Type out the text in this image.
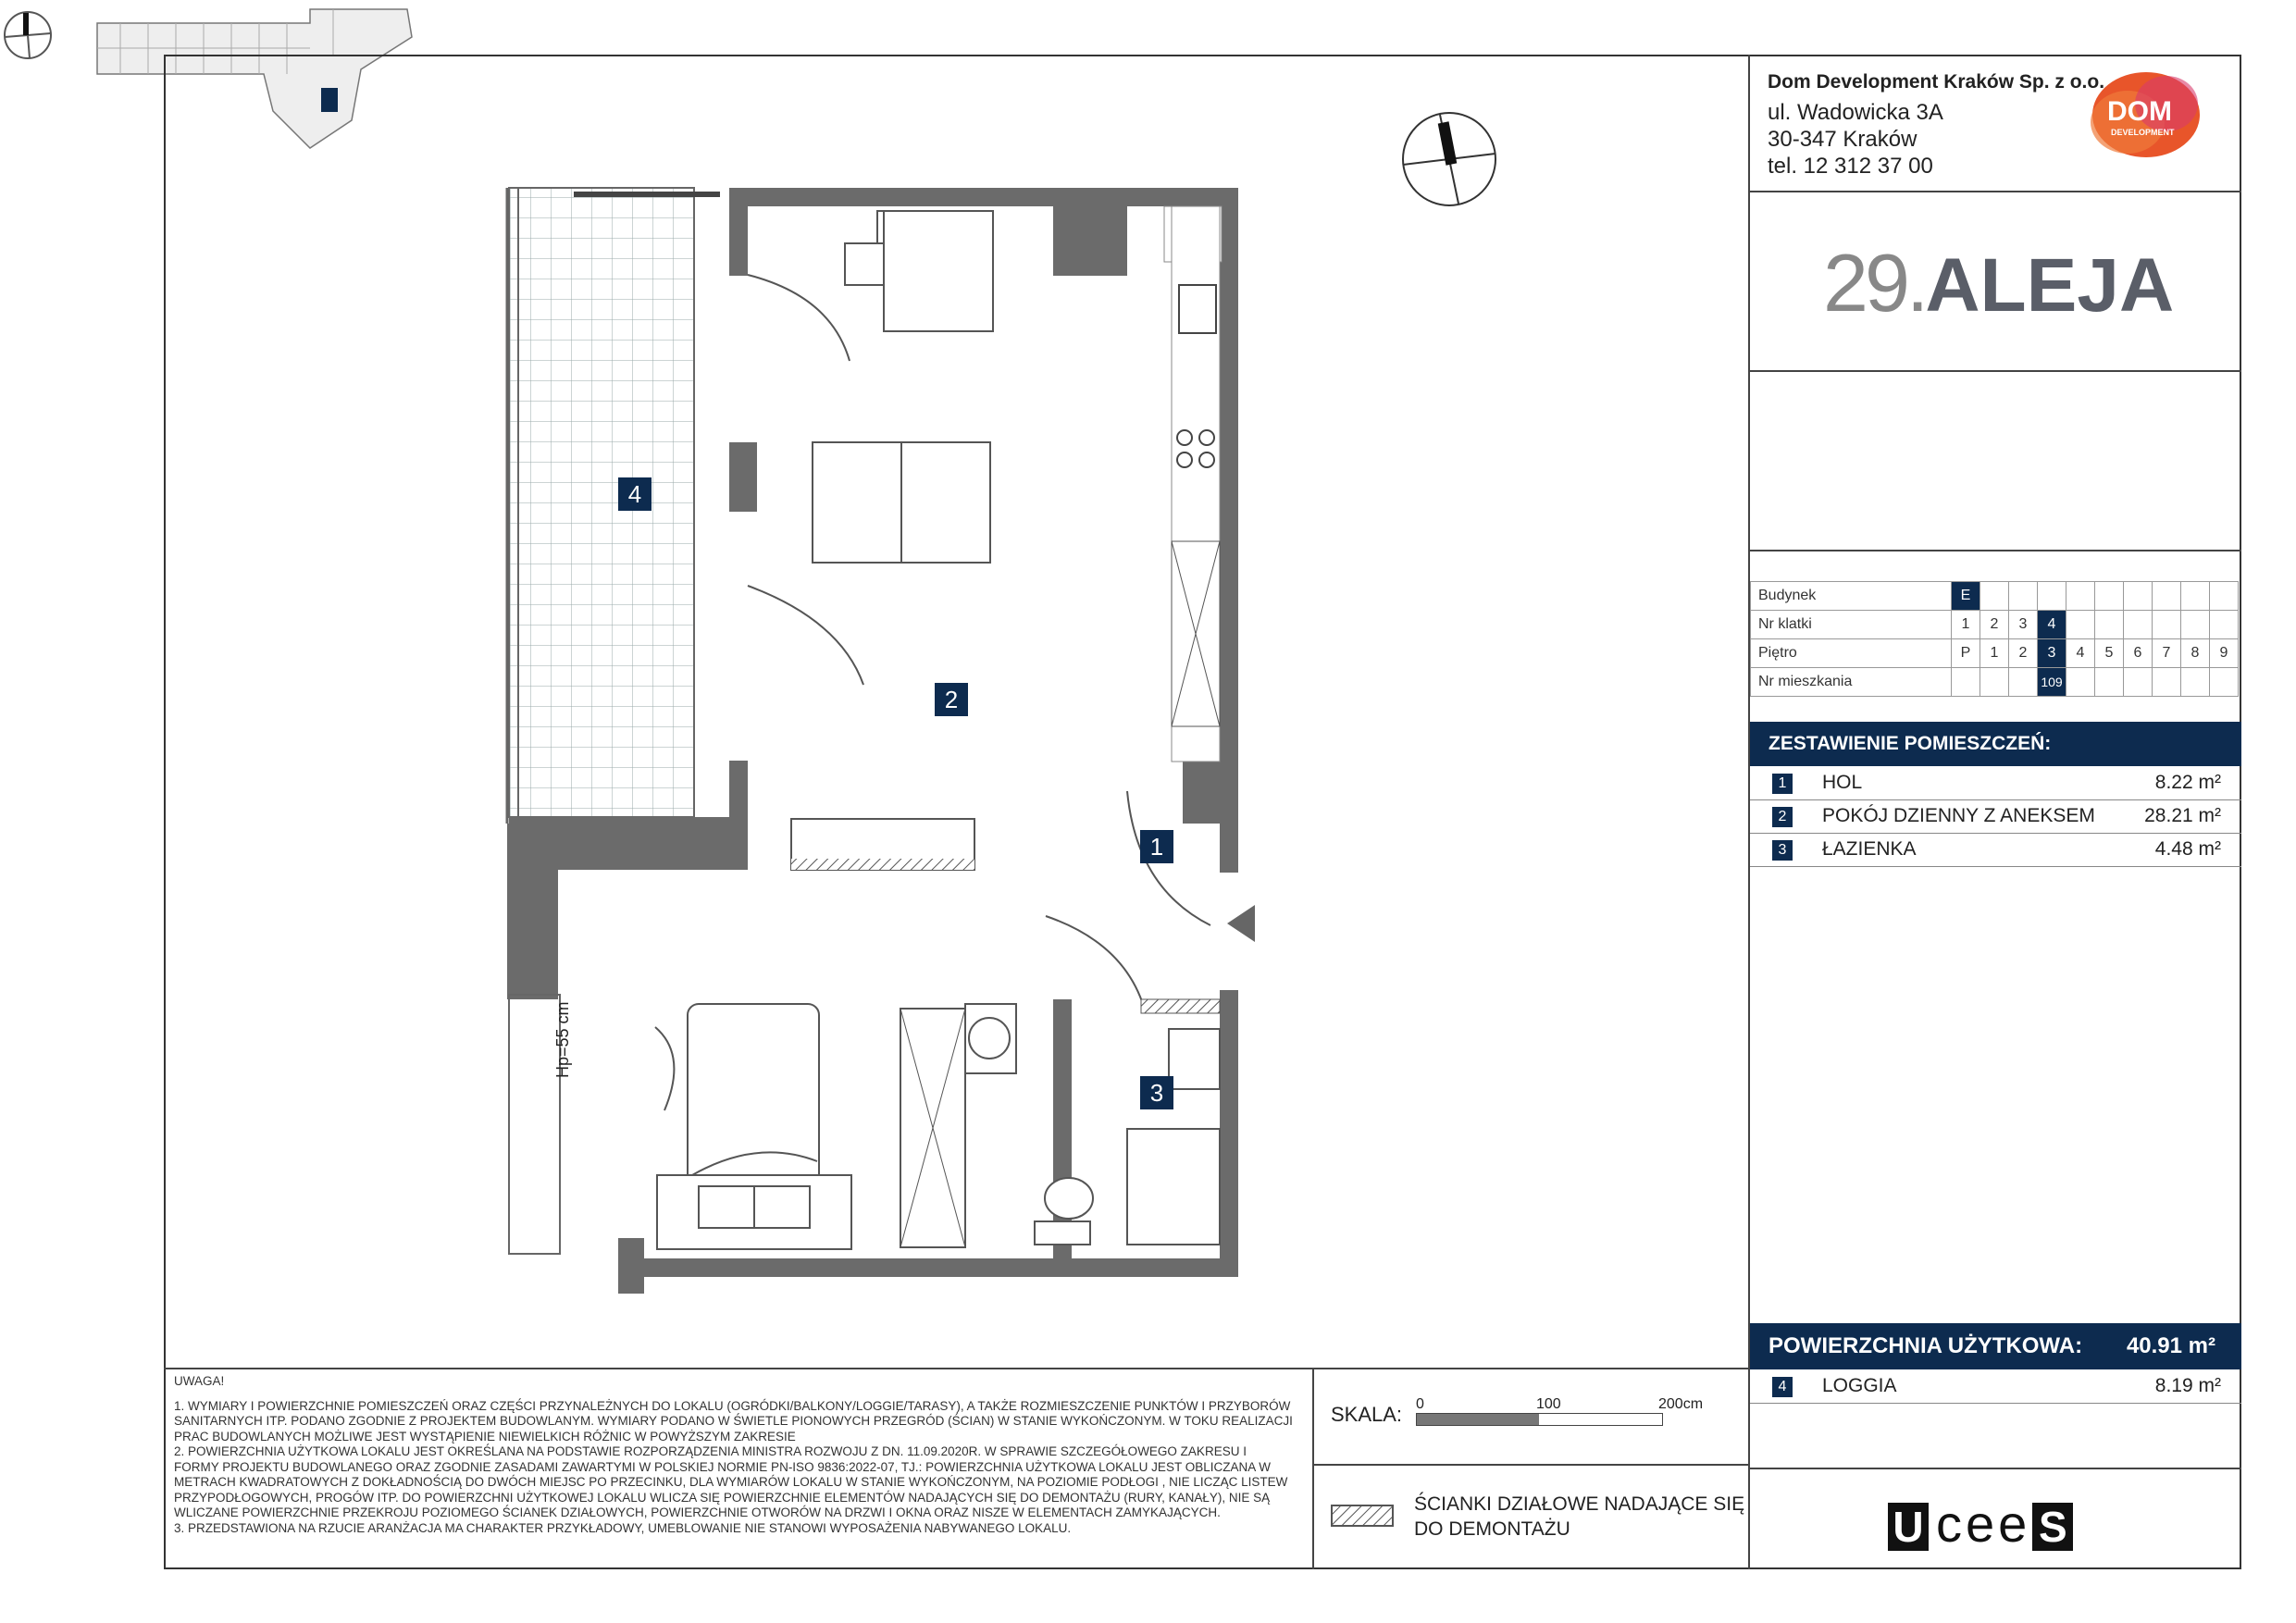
1
2
3
4
Hp=55 cm
Dom Development Kraków Sp. z o.o.
ul. Wadowicka 3A
30-347 Kraków
tel. 12 312 37 00
DOM
DEVELOPMENT
29.ALEJA
Budynek	E									
Nr klatki	1	2	3	4						
Piętro	P	1	2	3	4	5	6	7	8	9
Nr mieszkania				109						
ZESTAWIENIE POMIESZCZEŃ:
1	HOL	8.22 m²
2	POKÓJ DZIENNY Z ANEKSEM	28.21 m²
3	ŁAZIENKA	4.48 m²
POWIERZCHNIA UŻYTKOWA: 40.91 m²
4	LOGGIA	8.19 m²

UWAGA!

1. WYMIARY I POWIERZCHNIE POMIESZCZEŃ ORAZ CZĘŚCI PRZYNALEŻNYCH DO LOKALU (OGRÓDKI/BALKONY/LOGGIE/TARASY), A TAKŻE ROZMIESZCZENIE PUNKTÓW I PRZYBORÓW SANITARNYCH ITP. PODANO ZGODNIE Z PROJEKTEM BUDOWLANYM. WYMIARY PODANO W ŚWIETLE PIONOWYCH PRZEGRÓD (ŚCIAN) W STANIE WYKOŃCZONYM. W TOKU REALIZACJI PRAC BUDOWLANYCH MOŻLIWE JEST WYSTĄPIENIE NIEWIELKICH RÓŻNIC W POWYŻSZYM ZAKRESIE

2. POWIERZCHNIA UŻYTKOWA LOKALU JEST OKREŚLANA NA PODSTAWIE ROZPORZĄDZENIA MINISTRA ROZWOJU Z DN. 11.09.2020R. W SPRAWIE SZCZEGÓŁOWEGO ZAKRESU I FORMY PROJEKTU BUDOWLANEGO ORAZ ZGODNIE ZASADAMI ZAWARTYMI W POLSKIEJ NORMIE PN-ISO 9836:2022-07, TJ.: POWIERZCHNIA UŻYTKOWA LOKALU JEST OBLICZANA W METRACH KWADRATOWYCH Z DOKŁADNOŚCIĄ DO DWÓCH MIEJSC PO PRZECINKU, DLA WYMIARÓW LOKALU W STANIE WYKOŃCZONYM, NA POZIOMIE PODŁOGI , NIE LICZĄC LISTEW PRZYPODŁOGOWYCH, PROGÓW ITP. DO POWIERZCHNI UŻYTKOWEJ LOKALU WLICZA SIĘ POWIERZCHNIE ELEMENTÓW NADAJĄCYCH SIĘ DO DEMONTAŻU (RURY, KANAŁY), NIE SĄ WLICZANE POWIERZCHNIE PRZEKROJU POZIOMEGO ŚCIANEK DZIAŁOWYCH, POWIERZCHNIE OTWORÓW NA DRZWI I OKNA ORAZ NISZE W ELEMENTACH ZAMYKAJĄCYCH.

3. PRZEDSTAWIONA NA RZUCIE ARANŻACJA MA CHARAKTER PRZYKŁADOWY, UMEBLOWANIE NIE STANOWI WYPOSAŻENIA NABYWANEGO LOKALU.

SKALA: 0	100	200cm
ŚCIANKI DZIAŁOWE NADAJĄCE SIĘ
DO DEMONTAŻU	U cee S
